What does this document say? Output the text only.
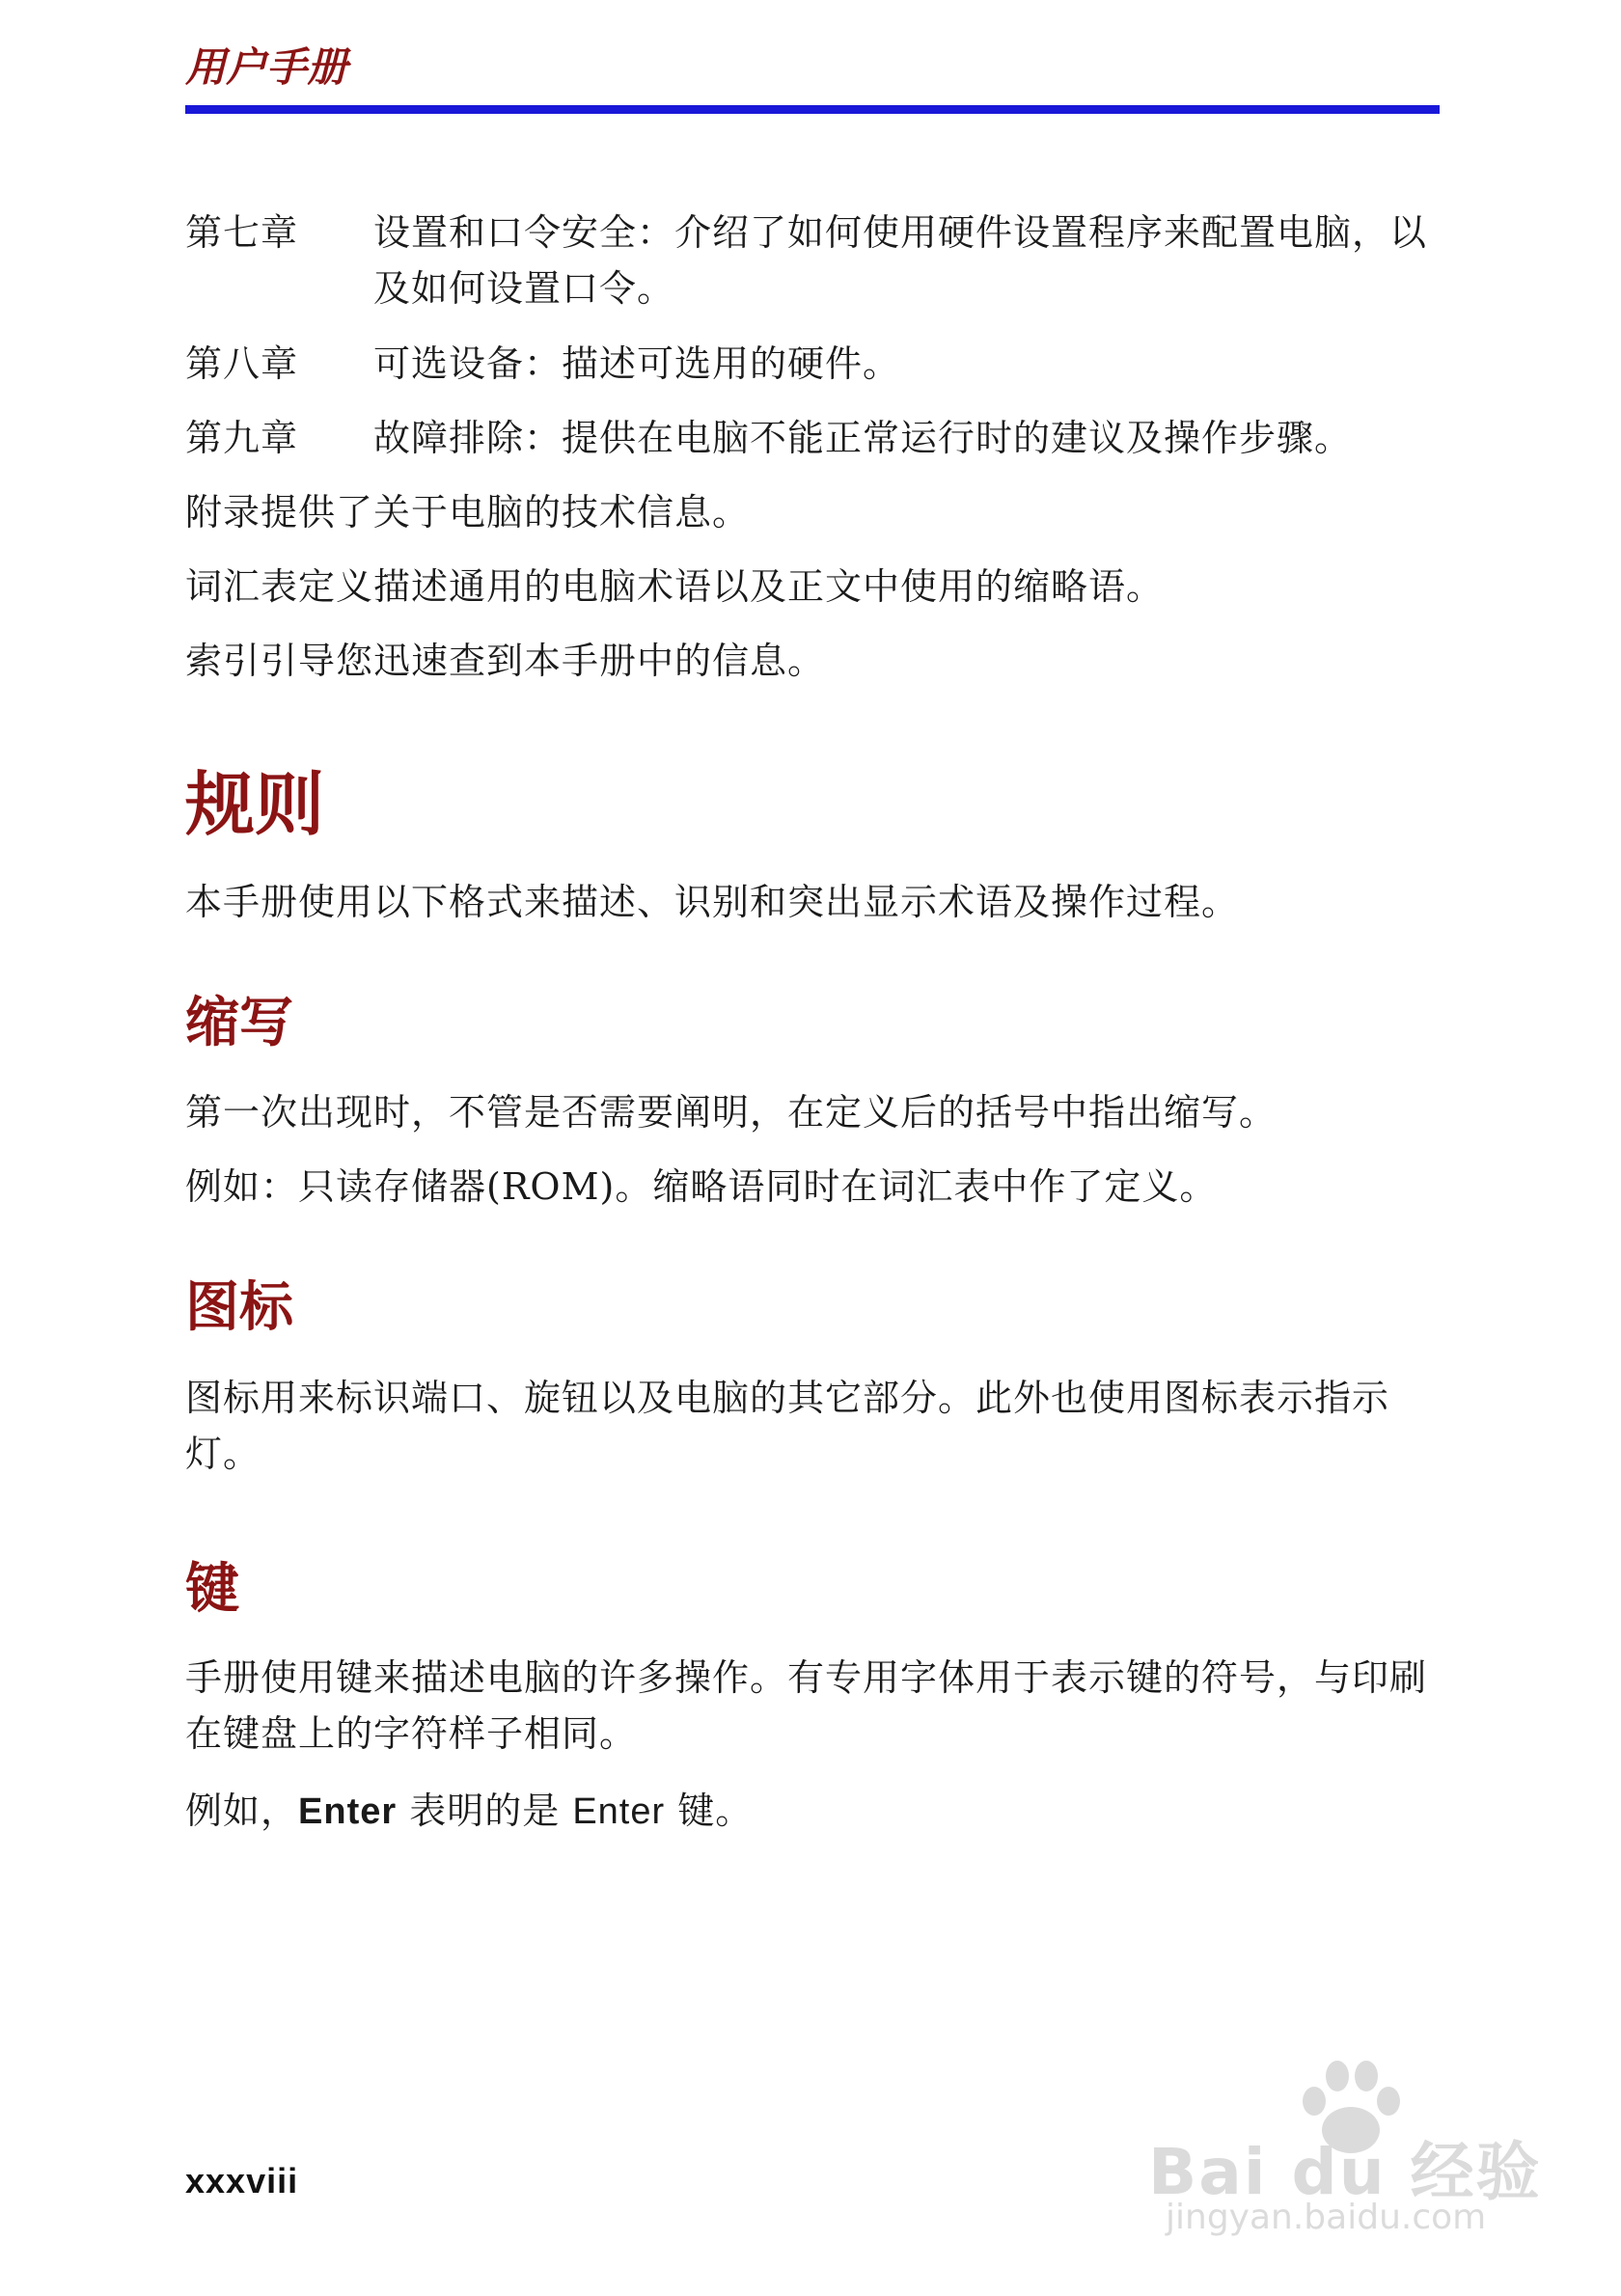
用户手册
第七章	设置和口令安全：介绍了如何使用硬件设置程序来配置电脑，以及如何设置口令。
第八章	可选设备：描述可选用的硬件。
第九章	故障排除：提供在电脑不能正常运行时的建议及操作步骤。
附录提供了关于电脑的技术信息。
词汇表定义描述通用的电脑术语以及正文中使用的缩略语。
索引引导您迅速查到本手册中的信息。
规则
本手册使用以下格式来描述、识别和突出显示术语及操作过程。
缩写
第一次出现时，不管是否需要阐明，在定义后的括号中指出缩写。
例如：只读存储器(ROM)。缩略语同时在词汇表中作了定义。
图标
图标用来标识端口、旋钮以及电脑的其它部分。此外也使用图标表示指示灯。
键
手册使用键来描述电脑的许多操作。有专用字体用于表示键的符号，与印刷在键盘上的字符样子相同。
例如，Enter 表明的是 Enter 键。
xxxviii	Bai du 经验
jingyan.baidu.com
